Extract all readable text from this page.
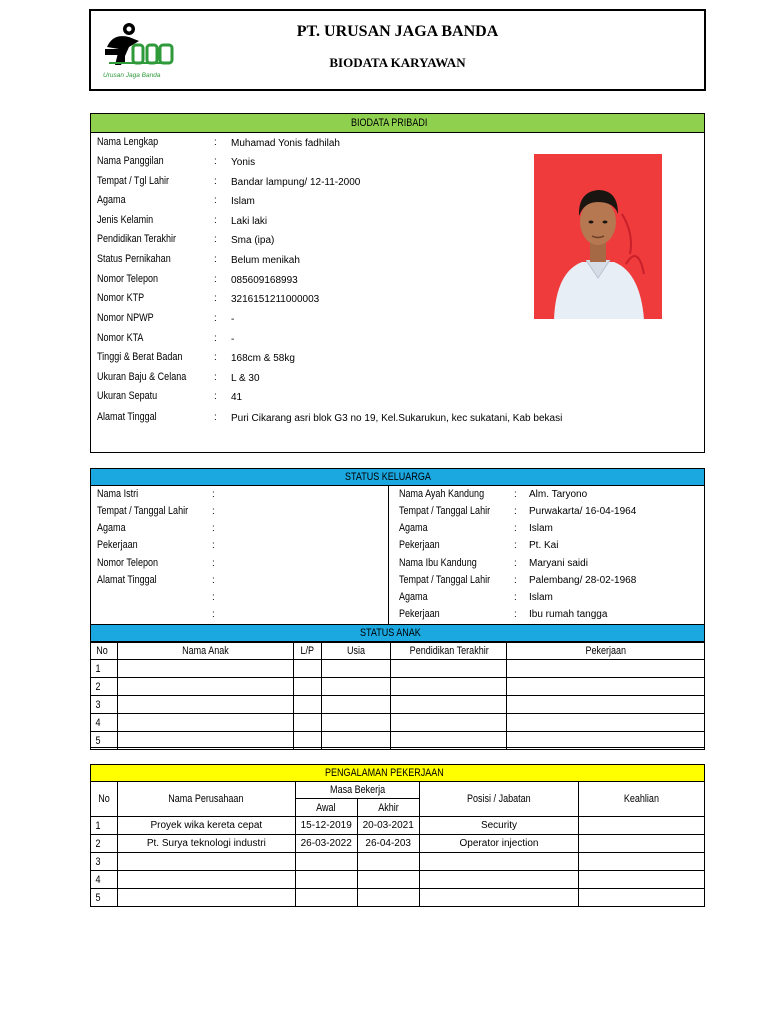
Urusan Jaga Banda
PT. URUSAN JAGA BANDA
BIODATA KARYAWAN
BIODATA PRIBADI
Nama Lengkap	: Muhamad Yonis fadhilah
Nama Panggilan	: Yonis
Tempat / Tgl Lahir	: Bandar lampung/ 12-11-2000
Agama	: Islam
Jenis Kelamin	: Laki laki
Pendidikan Terakhir	: Sma (ipa)
Status Pernikahan	: Belum menikah
Nomor Telepon	: 085609168993
Nomor KTP	: 3216151211000003
Nomor NPWP	: -
Nomor KTA	: -
Tinggi & Berat Badan	: 168cm & 58kg
Ukuran Baju & Celana	: L & 30
Ukuran Sepatu	: 41
Alamat Tinggal	: Puri Cikarang asri blok G3 no 19, Kel.Sukarukun, kec sukatani, Kab bekasi
STATUS KELUARGA
Nama Istri	:
Tempat / Tanggal Lahir :
Agama	:
Pekerjaan	:
Nomor Telepon	:
Alamat Tinggal	:
:
:
Nama Ayah Kandung	: Alm. Taryono
Tempat / Tanggal Lahir : Purwakarta/ 16-04-1964
Agama	: Islam
Pekerjaan	: Pt. Kai
Nama Ibu Kandung	: Maryani saidi
Tempat / Tanggal Lahir : Palembang/ 28-02-1968
Agama	: Islam
Pekerjaan	: Ibu rumah tangga
STATUS ANAK
No	Nama Anak	L/P	Usia	Pendidikan Terakhir	Pekerjaan
1					
2					
3					
4					
5					
PENGALAMAN PEKERJAAN
No	Nama Perusahaan	Masa Bekerja		Posisi / Jabatan	Keahlian
		Awal	Akhir		
1	Proyek wika kereta cepat	15-12-2019	20-03-2021	Security	
2	Pt. Surya teknologi industri	26-03-2022	26-04-203	Operator injection	
3					
4					
5					
